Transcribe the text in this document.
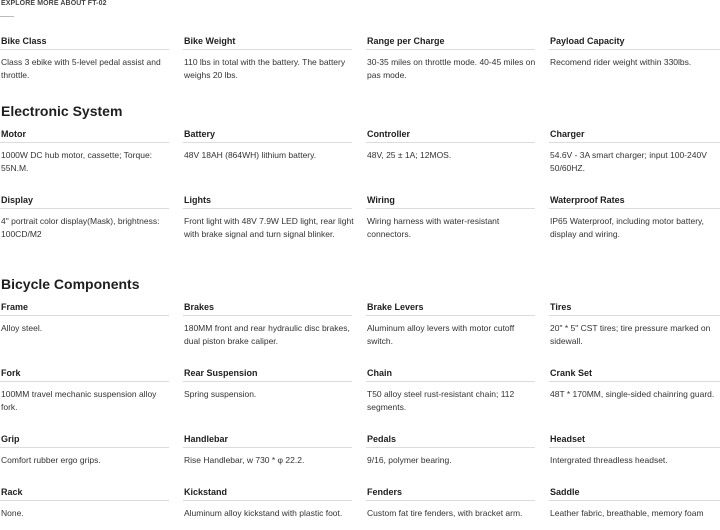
EXPLORE MORE ABOUT FT-02
Bike Class
Class 3 ebike with 5-level pedal assist and throttle.
Bike Weight
110 lbs in total with the battery. The battery weighs 20 lbs.
Range per Charge
30-35 miles on throttle mode. 40-45 miles on pas mode.
Payload Capacity
Recomend rider weight within 330lbs.
Electronic System
Motor
1000W DC hub motor, cassette; Torque: 55N.M.
Battery
48V 18AH (864WH) lithium battery.
Controller
48V, 25 ± 1A; 12MOS.
Charger
54.6V - 3A smart charger; input 100-240V 50/60HZ.
Display
4" portrait color display(Mask), brightness: 100CD/M2
Lights
Front light with 48V 7.9W LED light, rear light with brake signal and turn signal blinker.
Wiring
Wiring harness with water-resistant connectors.
Waterproof Rates
IP65 Waterproof, including motor battery, display and wiring.
Bicycle Components
Frame
Alloy steel.
Brakes
180MM front and rear hydraulic disc brakes, dual piston brake caliper.
Brake Levers
Aluminum alloy levers with motor cutoff switch.
Tires
20" * 5" CST tires; tire pressure marked on sidewall.
Fork
100MM travel mechanic suspension alloy fork.
Rear Suspension
Spring suspension.
Chain
T50 alloy steel rust-resistant chain; 112 segments.
Crank Set
48T * 170MM, single-sided chainring guard.
Grip
Comfort rubber ergo grips.
Handlebar
Rise Handlebar, w 730 * φ 22.2.
Pedals
9/16, polymer bearing.
Headset
Intergrated threadless headset.
Rack
None.
Kickstand
Aluminum alloy kickstand with plastic foot.
Fenders
Custom fat tire fenders, with bracket arm.
Saddle
Leather fabric, breathable, memory foam
